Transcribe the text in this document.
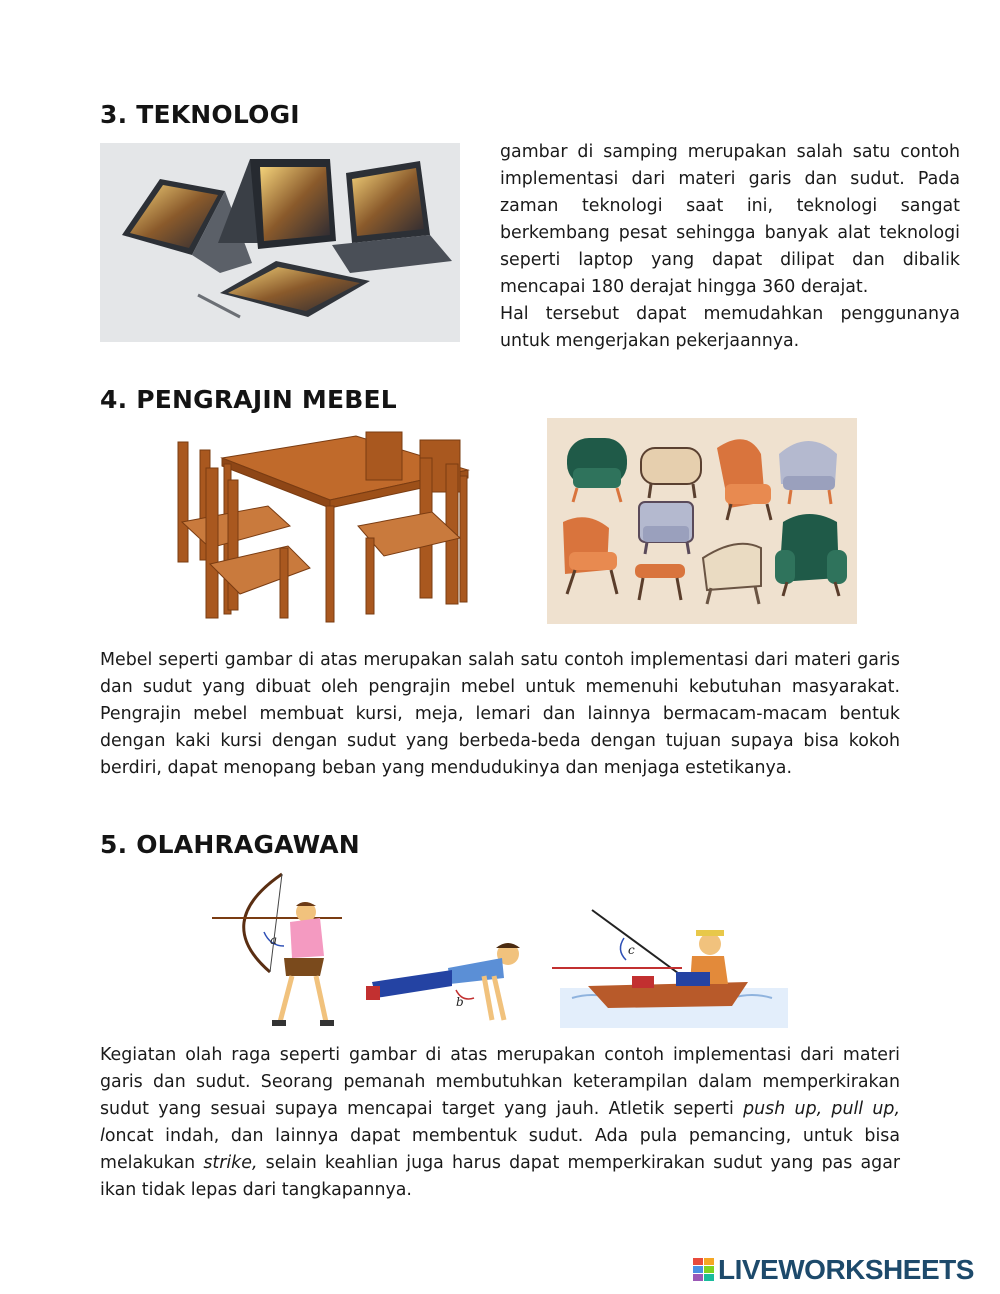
3. TEKNOLOGI

gambar di samping merupakan salah satu contoh implementasi dari materi garis dan sudut. Pada zaman teknologi saat ini, teknologi sangat berkembang pesat sehingga banyak alat teknologi seperti laptop yang dapat dilipat dan dibalik mencapai 180 derajat hingga 360 derajat.

Hal tersebut dapat memudahkan penggunanya untuk mengerjakan pekerjaannya.

4. PENGRAJIN MEBEL

Mebel seperti gambar di atas merupakan salah satu contoh implementasi dari materi garis dan sudut yang dibuat oleh pengrajin mebel untuk memenuhi kebutuhan masyarakat. Pengrajin mebel membuat kursi, meja, lemari dan lainnya bermacam-macam bentuk dengan kaki kursi dengan sudut yang berbeda-beda dengan tujuan supaya bisa kokoh berdiri, dapat menopang beban yang mendudukinya dan menjaga estetikanya.

5. OLAHRAGAWAN
a
b
c

Kegiatan olah raga seperti gambar di atas merupakan contoh implementasi dari materi garis dan sudut. Seorang pemanah membutuhkan keterampilan dalam memperkirakan sudut yang sesuai supaya mencapai target yang jauh. Atletik seperti push up, pull up, loncat indah, dan lainnya dapat membentuk sudut. Ada pula pemancing, untuk bisa melakukan strike, selain keahlian juga harus dapat memperkirakan sudut yang pas agar ikan tidak lepas dari tangkapannya.

LIVEWORKSHEETS
